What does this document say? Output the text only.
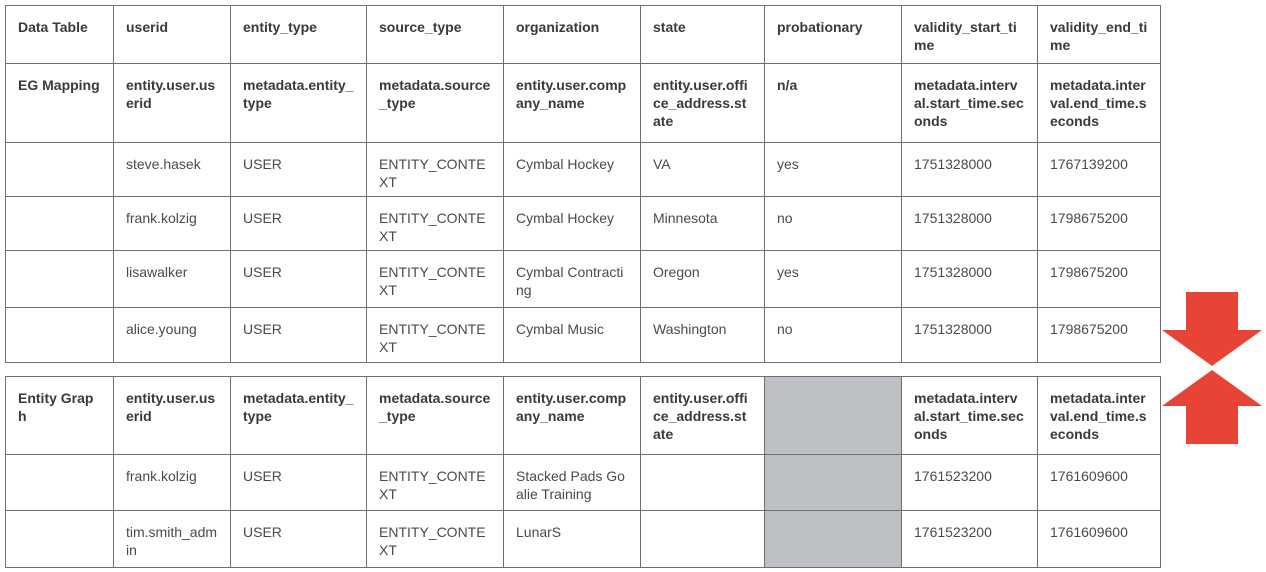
Data Table	userid	entity_type	source_type	organization	state	probationary	validity_start_time	validity_end_time
EG Mapping	entity.user.userid	metadata.entity_type	metadata.source_type	entity.user.company_name	entity.user.office_address.state	n/a	metadata.interval.start_time.seconds	metadata.interval.end_time.seconds
	steve.hasek	USER	ENTITY_CONTEXT	Cymbal Hockey	VA	yes	1751328000	1767139200
	frank.kolzig	USER	ENTITY_CONTEXT	Cymbal Hockey	Minnesota	no	1751328000	1798675200
	lisawalker	USER	ENTITY_CONTEXT	Cymbal Contracting	Oregon	yes	1751328000	1798675200
	alice.young	USER	ENTITY_CONTEXT	Cymbal Music	Washington	no	1751328000	1798675200
Entity Graph	entity.user.userid	metadata.entity_type	metadata.source_type	entity.user.company_name	entity.user.office_address.state		metadata.interval.start_time.seconds	metadata.interval.end_time.seconds
	frank.kolzig	USER	ENTITY_CONTEXT	Stacked Pads Goalie Training			1761523200	1761609600
	tim.smith_admin	USER	ENTITY_CONTEXT	LunarS			1761523200	1761609600
